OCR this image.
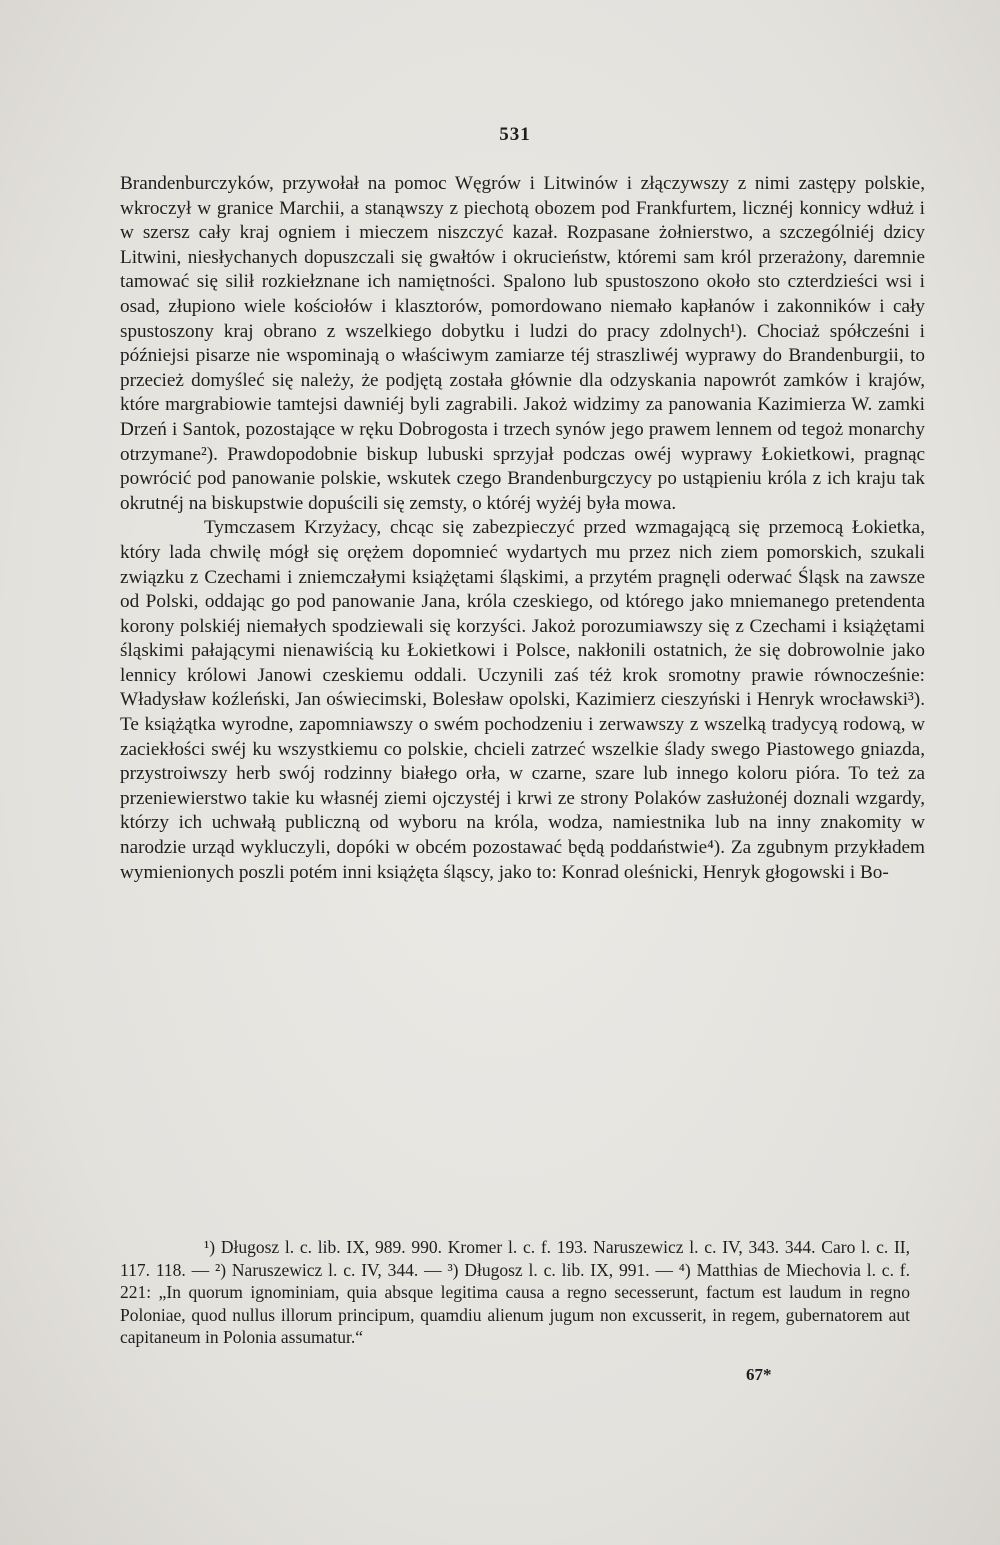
531

Brandenburczyków, przywołał na pomoc Węgrów i Litwinów i złączywszy z nimi zastępy polskie, wkroczył w granice Marchii, a stanąwszy z piechotą obozem pod Frankfurtem, licznéj konnicy wdłuż i w szersz cały kraj ogniem i mieczem niszczyć kazał. Rozpasane żołnierstwo, a szczególniéj dzicy Litwini, niesłychanych dopuszczali się gwałtów i okrucieństw, któremi sam król przerażony, daremnie tamować się silił rozkiełznane ich namiętności. Spalono lub spustoszono około sto czterdzieści wsi i osad, złupiono wiele kościołów i klasztorów, pomordowano niemało kapłanów i zakonników i cały spustoszony kraj obrano z wszelkiego dobytku i ludzi do pracy zdolnych¹). Chociaż spółcześni i późniejsi pisarze nie wspominają o właściwym zamiarze téj straszliwéj wyprawy do Brandenburgii, to przecież domyśleć się należy, że podjętą została głównie dla odzyskania napowrót zamków i krajów, które margrabiowie tamtejsi dawniéj byli zagrabili. Jakoż widzimy za panowania Kazimierza W. zamki Drzeń i Santok, pozostające w ręku Dobrogosta i trzech synów jego prawem lennem od tegoż monarchy otrzymane²). Prawdopodobnie biskup lubuski sprzyjał podczas owéj wyprawy Łokietkowi, pragnąc powrócić pod panowanie polskie, wskutek czego Brandenburgczycy po ustąpieniu króla z ich kraju tak okrutnéj na biskupstwie dopuścili się zemsty, o któréj wyżéj była mowa.

Tymczasem Krzyżacy, chcąc się zabezpieczyć przed wzmagającą się przemocą Łokietka, który lada chwilę mógł się orężem dopomnieć wydartych mu przez nich ziem pomorskich, szukali związku z Czechami i zniemczałymi książętami śląskimi, a przytém pragnęli oderwać Śląsk na zawsze od Polski, oddając go pod panowanie Jana, króla czeskiego, od którego jako mniemanego pretendenta korony polskiéj niemałych spodziewali się korzyści. Jakoż porozumiawszy się z Czechami i książętami śląskimi pałającymi nienawiścią ku Łokietkowi i Polsce, nakłonili ostatnich, że się dobrowolnie jako lennicy królowi Janowi czeskiemu oddali. Uczynili zaś téż krok sromotny prawie równocześnie: Władysław koźleński, Jan oświecimski, Bolesław opolski, Kazimierz cieszyński i Henryk wrocławski³). Te książątka wyrodne, zapomniawszy o swém pochodzeniu i zerwawszy z wszelką tradycyą rodową, w zaciekłości swéj ku wszystkiemu co polskie, chcieli zatrzeć wszelkie ślady swego Piastowego gniazda, przystroiwszy herb swój rodzinny białego orła, w czarne, szare lub innego koloru pióra. To też za przeniewierstwo takie ku własnéj ziemi ojczystéj i krwi ze strony Polaków zasłużonéj doznali wzgardy, którzy ich uchwałą publiczną od wyboru na króla, wodza, namiestnika lub na inny znakomity w narodzie urząd wykluczyli, dopóki w obcém pozostawać będą poddaństwie⁴). Za zgubnym przykładem wymienionych poszli potém inni książęta śląscy, jako to: Konrad oleśnicki, Henryk głogowski i Bo-

¹) Długosz l. c. lib. IX, 989. 990. Kromer l. c. f. 193. Naruszewicz l. c. IV, 343. 344. Caro l. c. II, 117. 118. — ²) Naruszewicz l. c. IV, 344. — ³) Długosz l. c. lib. IX, 991. — ⁴) Matthias de Miechovia l. c. f. 221: „In quorum ignominiam, quia absque legitima causa a regno secesserunt, factum est laudum in regno Poloniae, quod nullus illorum principum, quamdiu alienum jugum non excusserit, in regem, gubernatorem aut capitaneum in Polonia assumatur.“

67*
